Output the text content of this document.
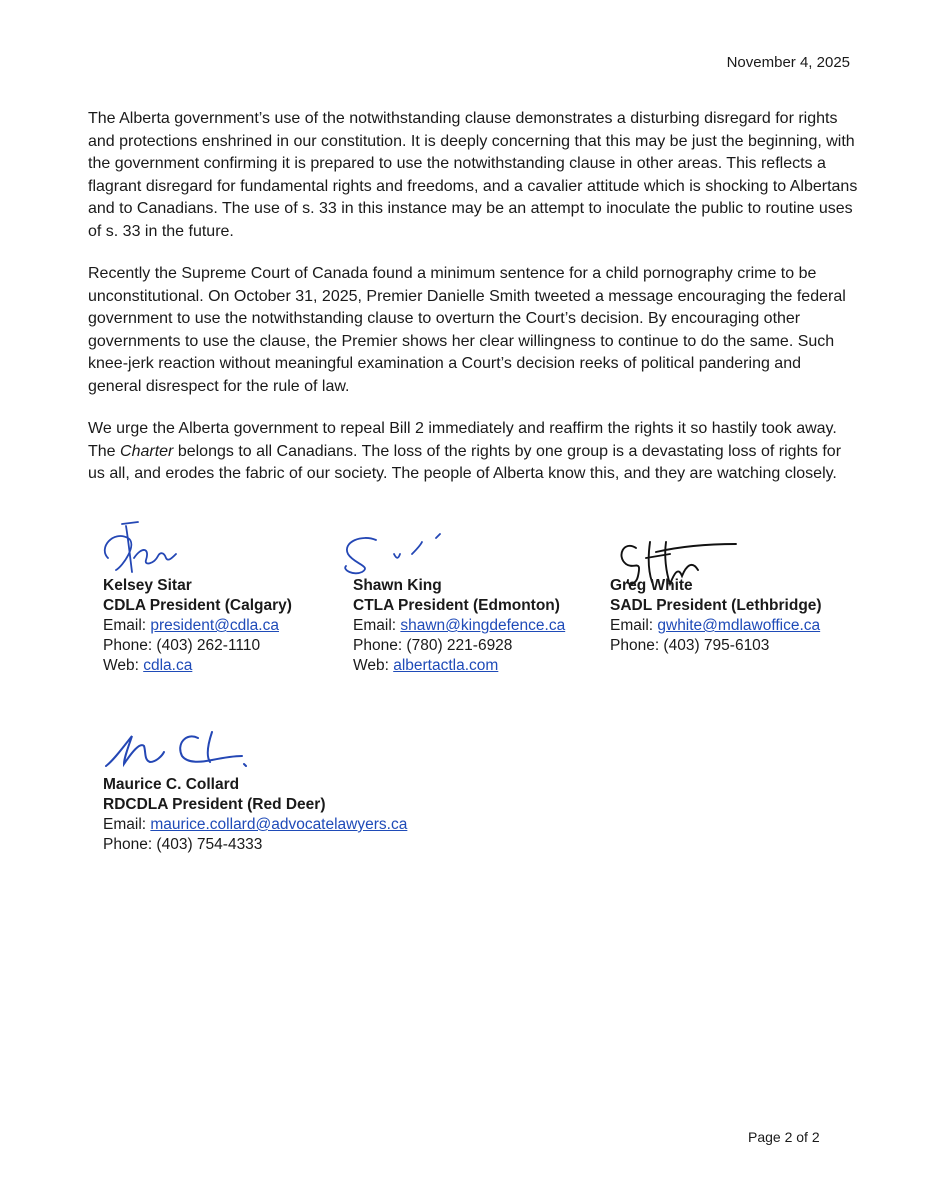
November 4, 2025

The Alberta government’s use of the notwithstanding clause demonstrates a disturbing disregard for rights and protections enshrined in our constitution. It is deeply concerning that this may be just the beginning, with the government confirming it is prepared to use the notwithstanding clause in other areas. This reflects a flagrant disregard for fundamental rights and freedoms, and a cavalier attitude which is shocking to Albertans and to Canadians. The use of s. 33 in this instance may be an attempt to inoculate the public to routine uses of s. 33 in the future.

Recently the Supreme Court of Canada found a minimum sentence for a child pornography crime to be unconstitutional. On October 31, 2025, Premier Danielle Smith tweeted a message encouraging the federal government to use the notwithstanding clause to overturn the Court’s decision. By encouraging other governments to use the clause, the Premier shows her clear willingness to continue to do the same. Such knee-jerk reaction without meaningful examination a Court’s decision reeks of political pandering and general disrespect for the rule of law.

We urge the Alberta government to repeal Bill 2 immediately and reaffirm the rights it so hastily took away. The Charter belongs to all Canadians. The loss of the rights by one group is a devastating loss of rights for us all, and erodes the fabric of our society. The people of Alberta know this, and they are watching closely.

Kelsey Sitar
CDLA President (Calgary)
Email: president@cdla.ca
Phone: (403) 262-1110
Web: cdla.ca
Shawn King
CTLA President (Edmonton)
Email: shawn@kingdefence.ca
Phone: (780) 221-6928
Web: albertactla.com
Greg White
SADL President (Lethbridge)
Email: gwhite@mdlawoffice.ca
Phone: (403) 795-6103
Maurice C. Collard
RDCDLA President (Red Deer)
Email: maurice.collard@advocatelawyers.ca
Phone: (403) 754-4333
Page 2 of 2
